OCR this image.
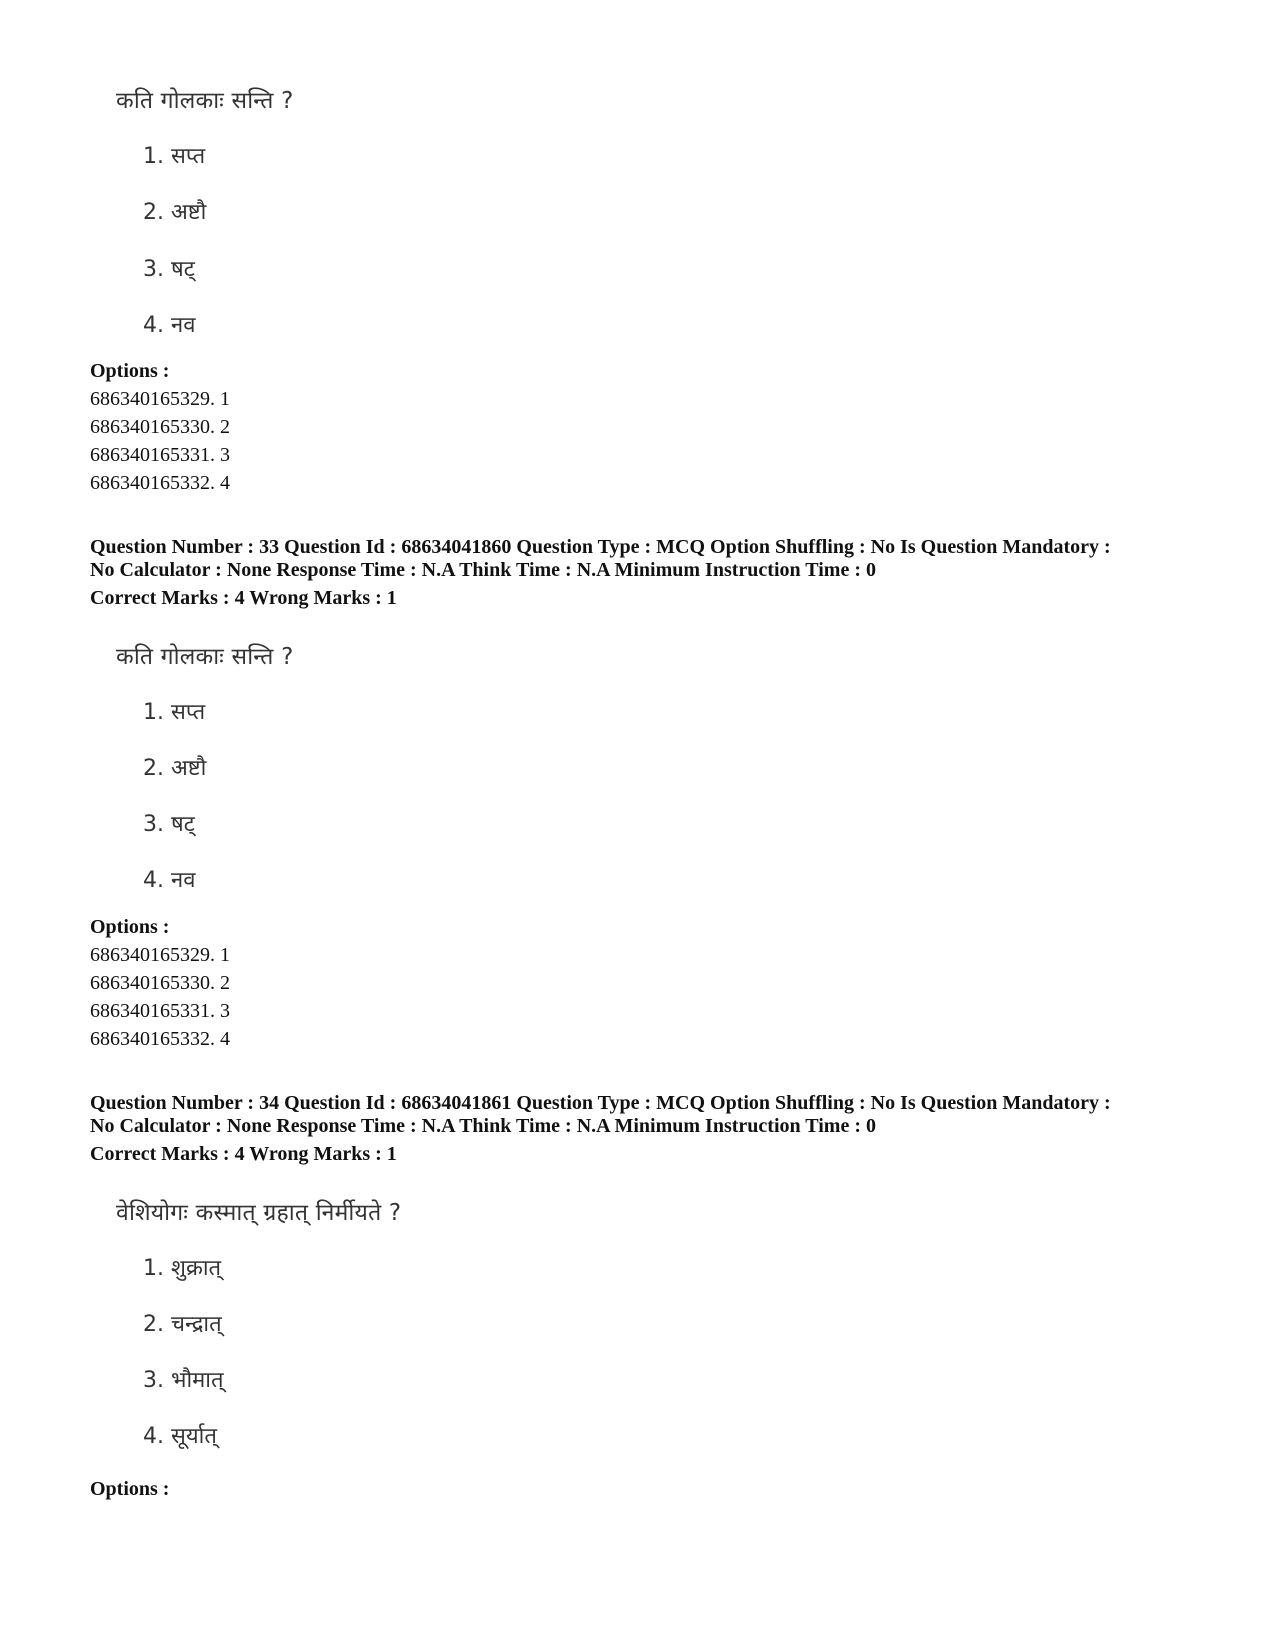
कति गोलकाः सन्ति ?
1. सप्त
2. अष्टौ
3. षट्
4. नव
Options :
686340165329. 1
686340165330. 2
686340165331. 3
686340165332. 4
Question Number : 33 Question Id : 68634041860 Question Type : MCQ Option Shuffling : No Is Question Mandatory :
No Calculator : None Response Time : N.A Think Time : N.A Minimum Instruction Time : 0
Correct Marks : 4 Wrong Marks : 1
कति गोलकाः सन्ति ?
1. सप्त
2. अष्टौ
3. षट्
4. नव
Options :
686340165329. 1
686340165330. 2
686340165331. 3
686340165332. 4
Question Number : 34 Question Id : 68634041861 Question Type : MCQ Option Shuffling : No Is Question Mandatory :
No Calculator : None Response Time : N.A Think Time : N.A Minimum Instruction Time : 0
Correct Marks : 4 Wrong Marks : 1
वेशियोगः कस्मात् ग्रहात् निर्मीयते ?
1. शुक्रात्
2. चन्द्रात्
3. भौमात्
4. सूर्यात्
Options :
